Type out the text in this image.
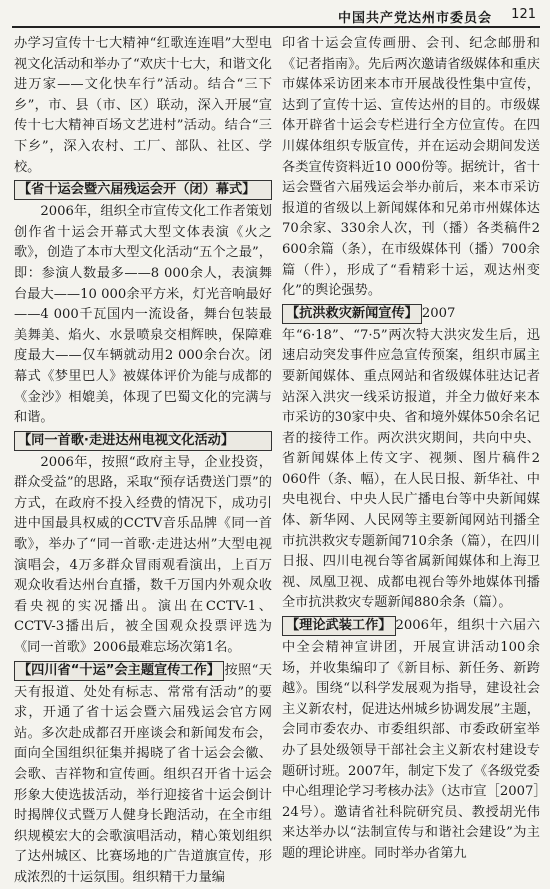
中国共产党达州市委员会 121

办学习宣传十七大精神“红歌连连唱”大型电视文化活动和举办了“欢庆十七大，和谐文化进万家——文化快车行”活动。结合“三下乡”，市、县（市、区）联动，深入开展“宣传十七大精神百场文艺进村”活动。结合“三下乡”，深入农村、工厂、部队、社区、学校。

【省十运会暨六届残运会开（闭）幕式】

2006年，组织全市宣传文化工作者策划创作省十运会开幕式大型文体表演《火之歌》，创造了本市大型文化活动“五个之最”，即：参演人数最多——8 000余人，表演舞台最大——10 000余平方米，灯光音响最好——4 000千瓦国内一流设备，舞台包装最美舞美、焰火、水景喷泉交相辉映，保障难度最大——仅车辆就动用2 000余台次。闭幕式《梦里巴人》被媒体评价为能与成都的《金沙》相媲美，体现了巴蜀文化的完满与和谐。

【同一首歌·走进达州电视文化活动】

2006年，按照“政府主导，企业投资，群众受益”的思路，采取“预存话费送门票”的方式，在政府不投入经费的情况下，成功引进中国最具权威的CCTV音乐品牌《同一首歌》，举办了“同一首歌·走进达州”大型电视演唱会，4万多群众冒雨观看演出，上百万观众收看达州台直播，数千万国内外观众收看央视的实况播出。演出在CCTV-1、CCTV-3播出后，被全国观众投票评选为《同一首歌》2006最难忘场次第1名。

【四川省“十运”会主题宣传工作】 按照“天天有报道、处处有标志、常常有活动”的要求，开通了省十运会暨六届残运会官方网站。多次赴成都召开座谈会和新闻发布会，面向全国组织征集并揭晓了省十运会会徽、会歌、吉祥物和宣传画。组织召开省十运会形象大使选拔活动，举行迎接省十运会倒计时揭牌仪式暨万人健身长跑活动，在全市组织规模宏大的会歌演唱活动，精心策划组织了达州城区、比赛场地的广告道旗宣传，形成浓烈的十运氛围。组织精干力量编

印省十运会宣传画册、会刊、纪念邮册和《记者指南》。先后两次邀请省级媒体和重庆市媒体采访团来本市开展战役性集中宣传，达到了宣传十运、宣传达州的目的。市级媒体开辟省十运会专栏进行全方位宣传。在四川媒体组织专版宣传，并在运动会期间发送各类宣传资料近10 000份等。据统计，省十运会暨省六届残运会举办前后，来本市采访报道的省级以上新闻媒体和兄弟市州媒体达70余家、330余人次，刊（播）各类稿件2 600余篇（条），在市级媒体刊（播）700余篇（件），形成了“看精彩十运，观达州变化”的舆论强势。

【抗洪救灾新闻宣传】 2007年“6·18”、“7·5”两次特大洪灾发生后，迅速启动突发事件应急宣传预案，组织市属主要新闻媒体、重点网站和省级媒体驻达记者站深入洪灾一线采访报道，并全力做好来本市采访的30家中央、省和境外媒体50余名记者的接待工作。两次洪灾期间，共向中央、省新闻媒体上传文字、视频、图片稿件2 060件（条、幅），在人民日报、新华社、中央电视台、中央人民广播电台等中央新闻媒体、新华网、人民网等主要新闻网站刊播全市抗洪救灾专题新闻710余条（篇），在四川日报、四川电视台等省属新闻媒体和上海卫视、凤凰卫视、成都电视台等外地媒体刊播全市抗洪救灾专题新闻880余条（篇）。

【理论武装工作】 2006年，组织十六届六中全会精神宣讲团，开展宣讲活动100余场，并收集编印了《新目标、新任务、新跨越》。围绕“以科学发展观为指导，建设社会主义新农村，促进达州城乡协调发展”主题，会同市委农办、市委组织部、市委政研室举办了县处级领导干部社会主义新农村建设专题研讨班。2007年，制定下发了《各级党委中心组理论学习考核办法》（达市宣［2007］24号）。邀请省社科院研究员、教授胡光伟来达举办以“法制宣传与和谐社会建设”为主题的理论讲座。同时举办省第九
